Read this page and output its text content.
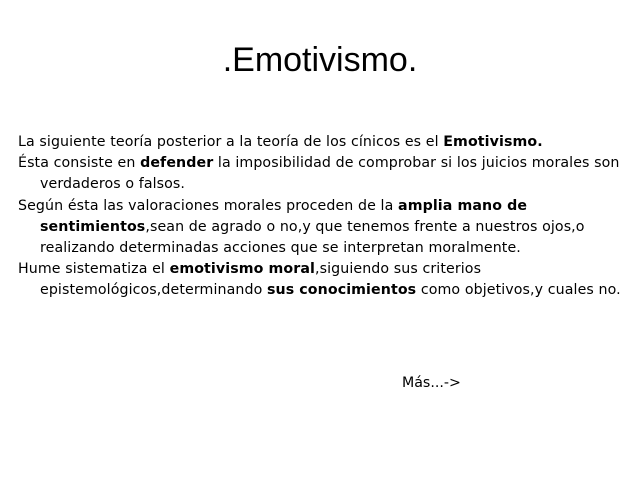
.Emotivismo.

La siguiente teoría posterior a la teoría de los cínicos es el Emotivismo.

Ésta consiste en defender la imposibilidad de comprobar si los juicios morales son verdaderos o falsos.

Según ésta las valoraciones morales proceden de la amplia mano de sentimientos,sean de agrado o no,y que tenemos frente a nuestros ojos,o realizando determinadas acciones que se interpretan moralmente.

Hume sistematiza el emotivismo moral,siguiendo sus criterios epistemológicos,determinando sus conocimientos como objetivos,y cuales no.

Más...->
